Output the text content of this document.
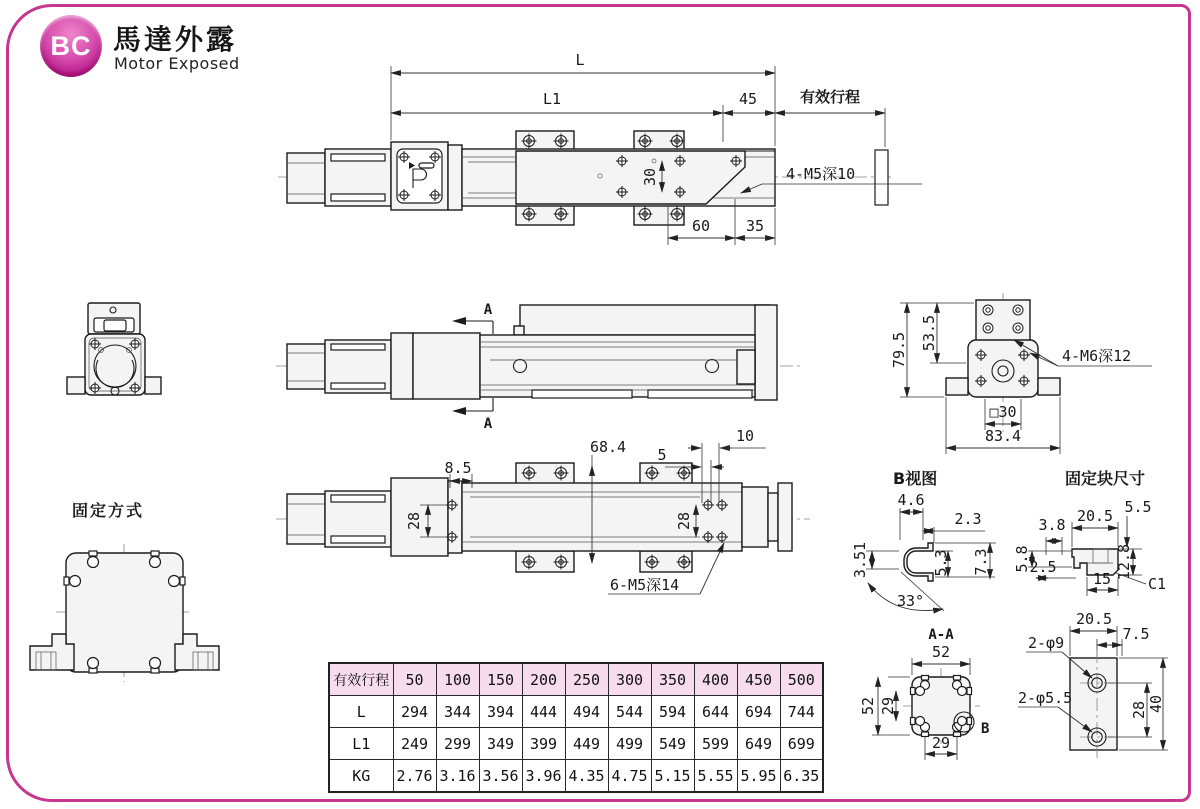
BC 馬達外露
Motor Exposed	L
L1	45	有效行程
30	4-M5深10
60 35
A
A
固定方式
8.5
68.4
10
5
28	28
6-M5深14
79.5 53.5
4-M6深12
□30
83.4
B视图
4.6
2.3
3.51	5.3 7.3
33°
固定块尺寸
20.5
3.8
5.5
5.8
2.5	12.8
15 C1
A-A
52
B
52 29
29
20.5
7.5
2-φ9
2-φ5.5
28 40
有效行程	50	100	150	200	250	300	350	400	450	500
L	294	344	394	444	494	544	594	644	694	744
L1	249	299	349	399	449	499	549	599	649	699
KG	2.76	3.16	3.56	3.96	4.35	4.75	5.15	5.55	5.95	6.35
